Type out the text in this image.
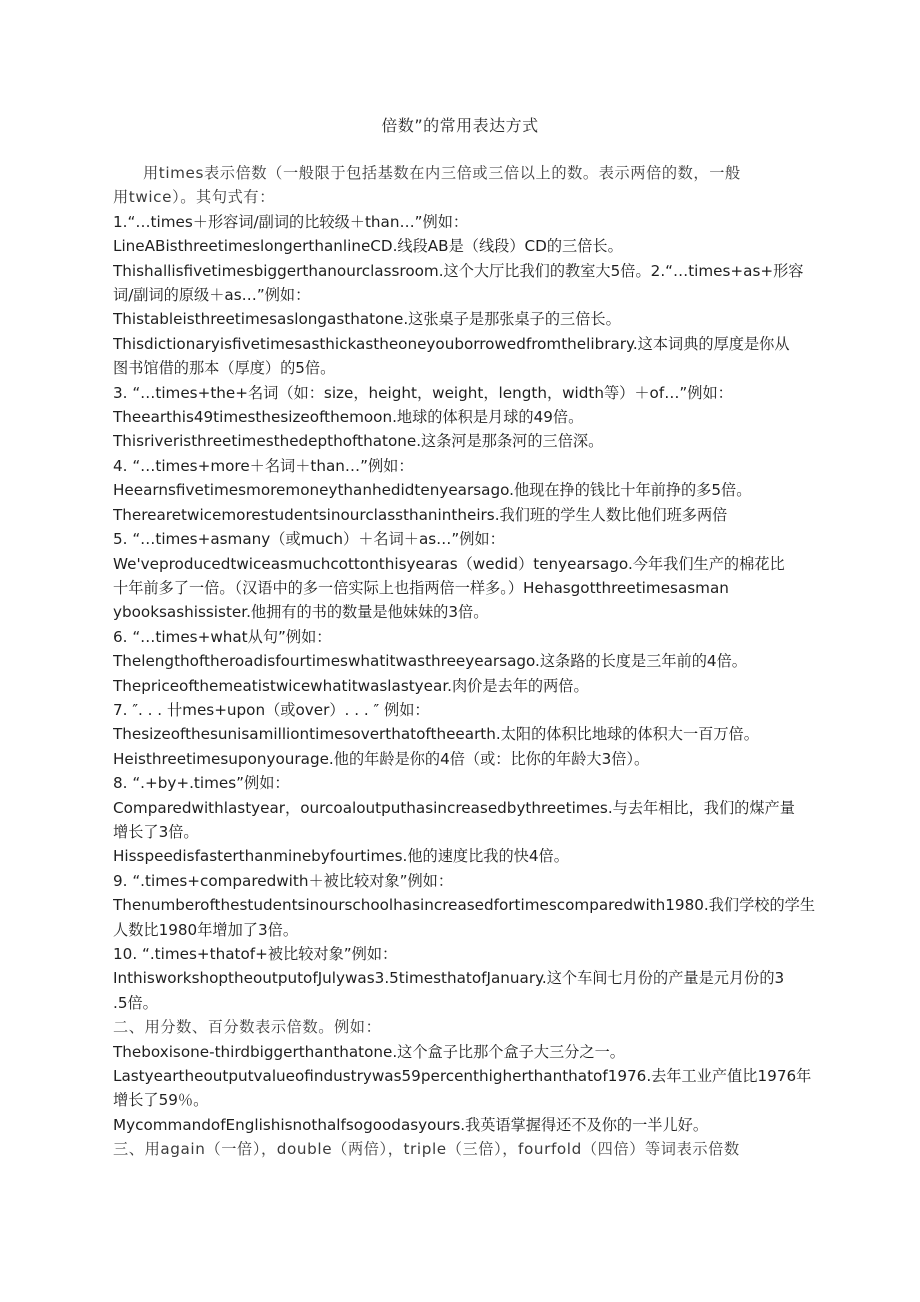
倍数”的常用表达方式
用times表示倍数（一般限于包括基数在内三倍或三倍以上的数。表示两倍的数，一般
用twice）。其句式有：
1.“…times＋形容词/副词的比较级＋than…”例如：
LineABisthreetimeslongerthanlineCD.线段AB是（线段）CD的三倍长。
Thishallisfivetimesbiggerthanourclassroom.这个大厅比我们的教室大5倍。2.“…times+as+形容
词/副词的原级＋as…”例如：
Thistableisthreetimesaslongasthatone.这张桌子是那张桌子的三倍长。
Thisdictionaryisfivetimesasthickastheoneyouborrowedfromthelibrary.这本词典的厚度是你从
图书馆借的那本（厚度）的5倍。
3. “…times+the+名词（如：size，height，weight，length，width等）＋of…”例如：
Theearthis49timesthesizeofthemoon.地球的体积是月球的49倍。
Thisriveristhreetimesthedepthofthatone.这条河是那条河的三倍深。
4. “…times+more＋名词＋than…”例如：
Heearnsfivetimesmoremoneythanhedidtenyearsago.他现在挣的钱比十年前挣的多5倍。
Therearetwicemorestudentsinourclassthanintheirs.我们班的学生人数比他们班多两倍
5. “…times+asmany（或much）＋名词＋as…”例如：
We'veproducedtwiceasmuchcottonthisyearas（wedid）tenyearsago.今年我们生产的棉花比
十年前多了一倍。（汉语中的多一倍实际上也指两倍一样多。）Hehasgotthreetimesasman
ybooksashissister.他拥有的书的数量是他妹妹的3倍。
6. “…times+what从句”例如：
Thelengthoftheroadisfourtimeswhatitwasthreeyearsago.这条路的长度是三年前的4倍。
Thepriceofthemeatistwicewhatitwaslastyear.肉价是去年的两倍。
7. ″. . . 卄mes+upon（或over）. . . ″ 例如：
Thesizeofthesunisamilliontimesoverthatoftheearth.太阳的体积比地球的体积大一百万倍。
Heisthreetimesuponyourage.他的年龄是你的4倍（或：比你的年龄大3倍）。
8. “.+by+.times”例如：
Comparedwithlastyear，ourcoaloutputhasincreasedbythreetimes.与去年相比，我们的煤产量
增长了3倍。
Hisspeedisfasterthanminebyfourtimes.他的速度比我的快4倍。
9. “.times+comparedwith＋被比较对象”例如：
Thenumberofthestudentsinourschoolhasincreasedfortimescomparedwith1980.我们学校的学生
人数比1980年增加了3倍。
10. “.times+thatof+被比较对象”例如：
InthisworkshoptheoutputofJulywas3.5timesthatofJanuary.这个车间七月份的产量是元月份的3
.5倍。
二、用分数、百分数表示倍数。例如：
Theboxisone-thirdbiggerthanthatone.这个盒子比那个盒子大三分之一。
Lastyeartheoutputvalueofindustrywas59percenthigherthanthatof1976.去年工业产值比1976年
增长了59％。
MycommandofEnglishisnothalfsogoodasyours.我英语掌握得还不及你的一半儿好。
三、用again（一倍），double（两倍），triple（三倍），fourfold（四倍）等词表示倍数
